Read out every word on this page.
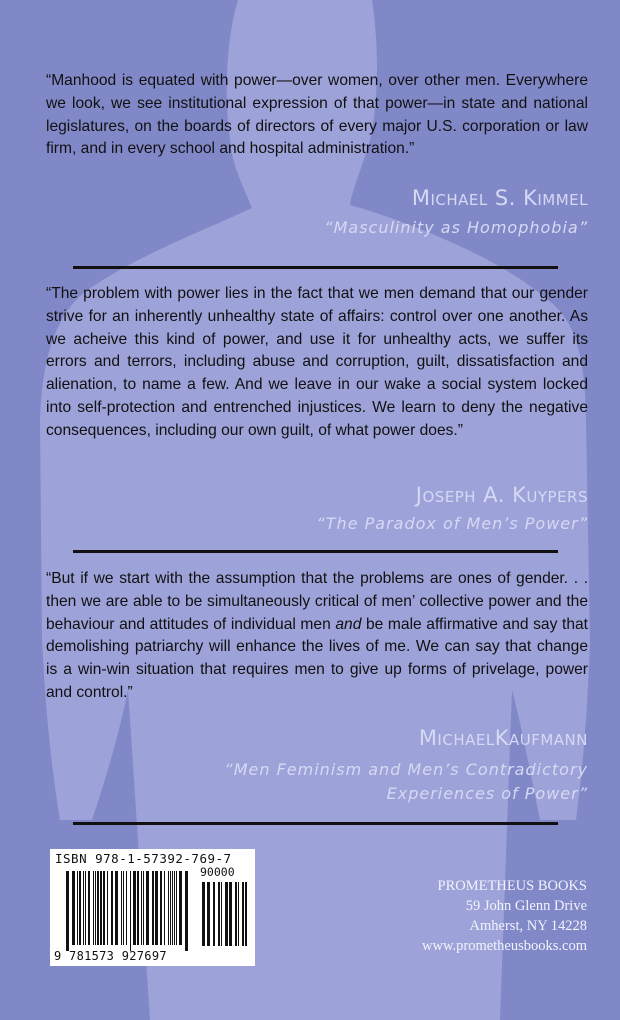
“Manhood is equated with power—over women, over other men. Everywhere we look, we see institutional expression of that power—in state and national legislatures, on the boards of directors of every major U.S. corporation or law firm, and in every school and hospital administration.”

Michael S. Kimmel

“Masculinity as Homophobia”

“The problem with power lies in the fact that we men demand that our gender strive for an inherently unhealthy state of affairs: control over one another. As we acheive this kind of power, and use it for unhealthy acts, we suffer its errors and terrors, including abuse and corruption, guilt, dissatisfaction and alienation, to name a few. And we leave in our wake a social system locked into self-protection and entrenched injustices. We learn to deny the negative consequences, including our own guilt, of what power does.”

Joseph A. Kuypers

“The Paradox of Men’s Power”

“But if we start with the assumption that the problems are ones of gender. . . then we are able to be simultaneously critical of men’ collective power and the behaviour and attitudes of individual men and be male affirmative and say that demolishing patriarchy will enhance the lives of me. We can say that change is a win-win situation that requires men to give up forms of privelage, power and control.”

MichaelKaufmann

“Men Feminism and Men’s Contradictory
Experiences of Power”
ISBN 978-1-57392-769-7
90000
9 781573 927697
PROMETHEUS BOOKS
59 John Glenn Drive
Amherst, NY 14228
www.prometheusbooks.com
